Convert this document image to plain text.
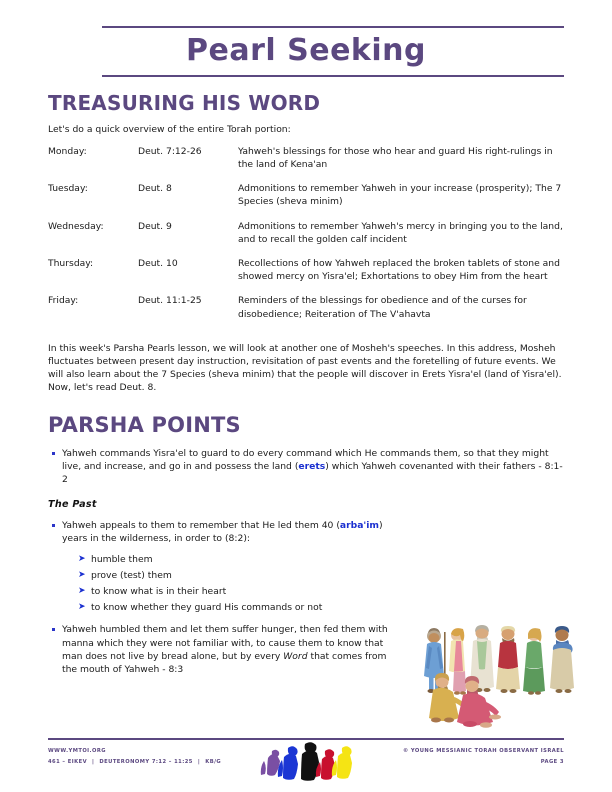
Pearl Seeking
TREASURING HIS WORD
Let's do a quick overview of the entire Torah portion:
Monday:	Deut. 7:12-26	Yahweh's blessings for those who hear and guard His right-rulings in the land of Kena'an
Tuesday:	Deut. 8	Admonitions to remember Yahweh in your increase (prosperity); The 7 Species (sheva minim)
Wednesday:	Deut. 9	Admonitions to remember Yahweh's mercy in bringing you to the land, and to recall the golden calf incident
Thursday:	Deut. 10	Recollections of how Yahweh replaced the broken tablets of stone and showed mercy on Yisra'el; Exhortations to obey Him from the heart
Friday:	Deut. 11:1-25	Reminders of the blessings for obedience and of the curses for disobedience; Reiteration of The V'ahavta
In this week's Parsha Pearls lesson, we will look at another one of Mosheh's speeches. In this address, Mosheh fluctuates between present day instruction, revisitation of past events and the foretelling of future events. We will also learn about the 7 Species (sheva minim) that the people will discover in Erets Yisra'el (land of Yisra'el). Now, let's read Deut. 8.
PARSHA POINTS
Yahweh commands Yisra'el to guard to do every command which He commands them, so that they might live, and increase, and go in and possess the land (erets) which Yahweh covenanted with their fathers - 8:1-2
The Past
Yahweh appeals to them to remember that He led them 40 (arba'im) years in the wilderness, in order to (8:2):
➤ humble them
➤ prove (test) them
➤ to know what is in their heart
➤ to know whether they guard His commands or not
Yahweh humbled them and let them suffer hunger, then fed them with manna which they were not familiar with, to cause them to know that man does not live by bread alone, but by every Word that comes from the mouth of Yahweh - 8:3
WWW.YMTOI.ORG
461 – EIKEV | DEUTERONOMY 7:12 – 11:25 | KB/G
© YOUNG MESSIANIC TORAH OBSERVANT ISRAEL
PAGE 3
